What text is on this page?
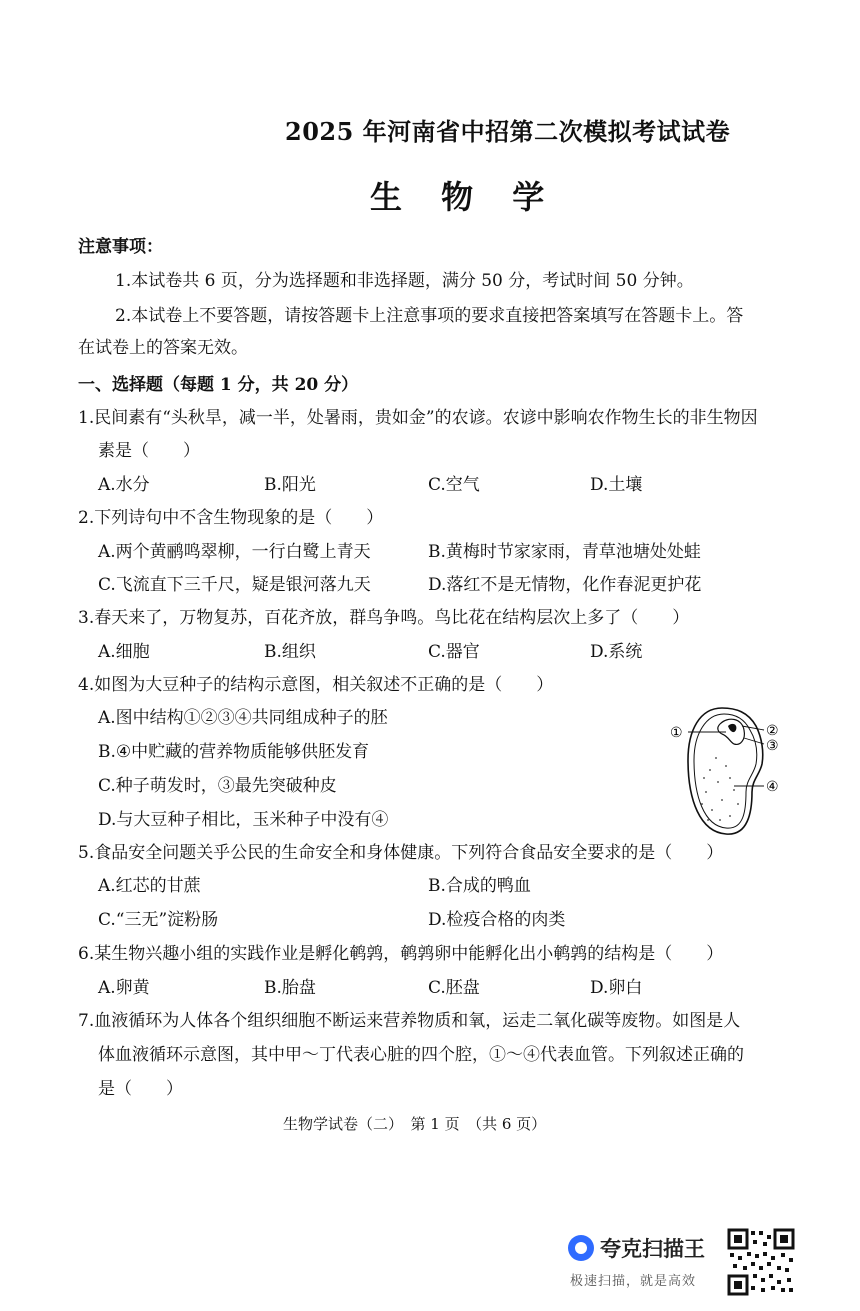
2025 年河南省中招第二次模拟考试试卷
生 物 学
注意事项：
1.本试卷共 6 页，分为选择题和非选择题，满分 50 分，考试时间 50 分钟。
2.本试卷上不要答题，请按答题卡上注意事项的要求直接把答案填写在答题卡上。答
在试卷上的答案无效。
一、选择题（每题 1 分，共 20 分）
1.民间素有“头秋旱，减一半，处暑雨，贵如金”的农谚。农谚中影响农作物生长的非生物因
素是（　　）
A.水分	B.阳光	C.空气	D.土壤
2.下列诗句中不含生物现象的是（　　）
A.两个黄鹂鸣翠柳，一行白鹭上青天	B.黄梅时节家家雨，青草池塘处处蛙
C.飞流直下三千尺，疑是银河落九天	D.落红不是无情物，化作春泥更护花
3.春天来了，万物复苏，百花齐放，群鸟争鸣。鸟比花在结构层次上多了（　　）
A.细胞	B.组织	C.器官	D.系统
4.如图为大豆种子的结构示意图，相关叙述不正确的是（　　）
A.图中结构①②③④共同组成种子的胚
B.④中贮藏的营养物质能够供胚发育
C.种子萌发时，③最先突破种皮
D.与大豆种子相比，玉米种子中没有④
①	②
③
④
5.食品安全问题关乎公民的生命安全和身体健康。下列符合食品安全要求的是（　　）
A.红芯的甘蔗	B.合成的鸭血
C.“三无”淀粉肠	D.检疫合格的肉类
6.某生物兴趣小组的实践作业是孵化鹌鹑，鹌鹑卵中能孵化出小鹌鹑的结构是（　　）
A.卵黄	B.胎盘	C.胚盘	D.卵白
7.血液循环为人体各个组织细胞不断运来营养物质和氧，运走二氧化碳等废物。如图是人
体血液循环示意图，其中甲～丁代表心脏的四个腔，①～④代表血管。下列叙述正确的
是（　　）
生物学试卷（二）　第 1 页　（共 6 页）
夸克扫描王
极速扫描，就是高效
